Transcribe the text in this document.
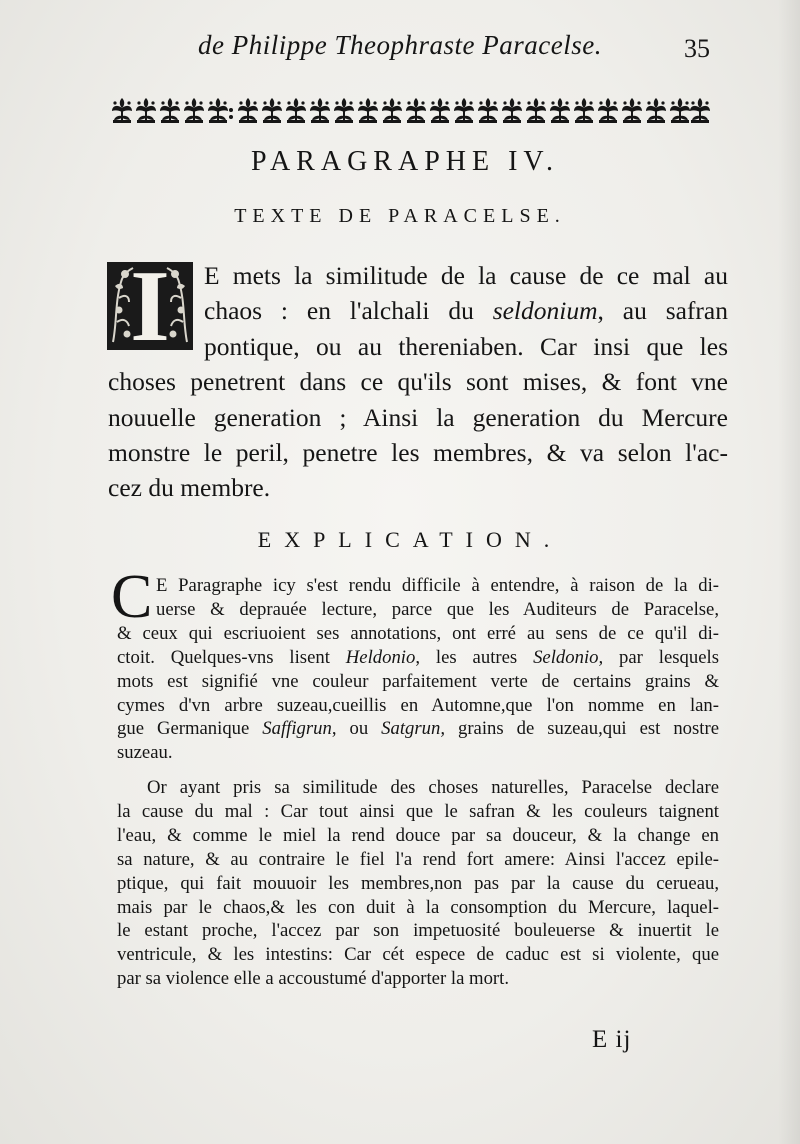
de Philippe Theophraste Paracelse.	35
PARAGRAPHE IV.
TEXTE DE PARACELSE.
I	E mets la similitude de la cause de ce mal au
chaos : en l'alchali du seldonium, au safran
pontique, ou au thereniaben. Car insi que les
choses penetrent dans ce qu'ils sont mises, & font vne
nouuelle generation ; Ainsi la generation du Mercure
monstre le peril, penetre les membres, & va selon l'ac-
cez du membre.
EXPLICATION.
C E Paragraphe icy s'est rendu difficile à entendre, à raison de la di-
uerse & deprauée lecture, parce que les Auditeurs de Paracelse,
& ceux qui escriuoient ses annotations, ont erré au sens de ce qu'il di-
ctoit. Quelques-vns lisent Heldonio, les autres Seldonio, par lesquels
mots est signifié vne couleur parfaitement verte de certains grains &
cymes d'vn arbre suzeau,cueillis en Automne,que l'on nomme en lan-
gue Germanique Saffigrun, ou Satgrun, grains de suzeau,qui est nostre
suzeau.
Or ayant pris sa similitude des choses naturelles, Paracelse declare
la cause du mal : Car tout ainsi que le safran & les couleurs taignent
l'eau, & comme le miel la rend douce par sa douceur, & la change en
sa nature, & au contraire le fiel l'a rend fort amere: Ainsi l'accez epile-
ptique, qui fait mouuoir les membres,non pas par la cause du cerueau,
mais par le chaos,& les con duit à la consomption du Mercure, laquel-
le estant proche, l'accez par son impetuosité bouleuerse & inuertit le
ventricule, & les intestins: Car cét espece de caduc est si violente, que
par sa violence elle a accoustumé d'apporter la mort.
E ij
